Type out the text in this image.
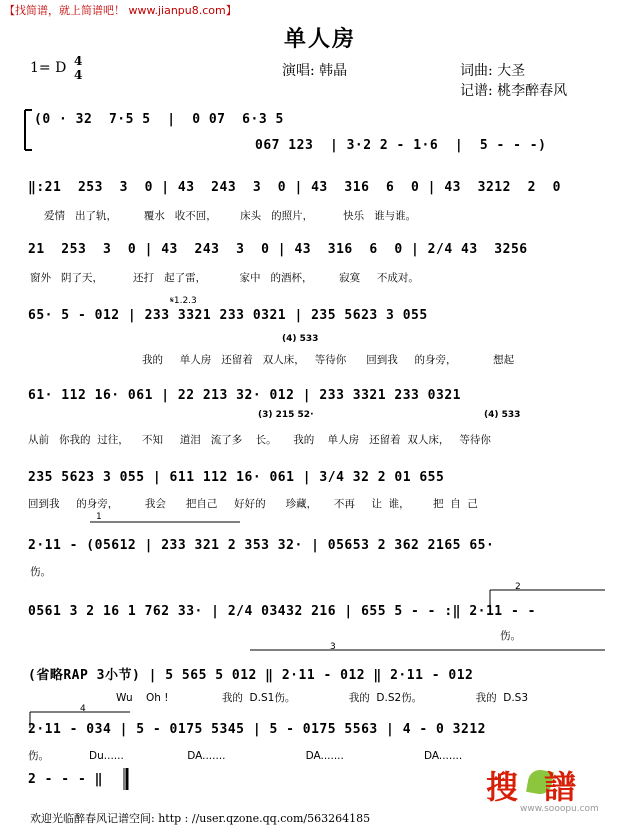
【找简谱，就上简谱吧！ www.jianpu8.com】
单人房
1= D 4
4	演唱: 韩晶	词曲: 大圣
记谱: 桃李醉春风
(0 · 32  7·5 5  |  0 07  6·3 5
067 123  | 3·2 2 - 1·6  |  5 - - -)
‖:21  253  3  0 | 43  243  3  0 | 43  316  6  0 | 43  3212  2  0
爱情   出了轨，        覆水   收不回，       床头   的照片，         快乐   谁与谁。
21  253  3  0 | 43  243  3  0 | 43  316  6  0 | 2/4 43  3256
窗外   阴了天，         还打   起了雷，          家中   的酒杯，        寂寞     不成对。
𝄋1.2.3
65· 5 - 012 | 233 3321 233 0321 | 235 5623 3 055
(4) 533
我的     单人房   还留着   双人床，   等待你      回到我     的身旁，           想起
61· 112 16· 061 | 22 213 32· 012 | 233 3321 233 0321
(3) 215 52·	(4) 533
从前   你我的  过往，    不知     道泪   流了多    长。     我的    单人房   还留着  双人床，   等待你
235 5623 3 055 | 611 112 16· 061 | 3/4 32 2 01 655
回到我     的身旁，        我会      把自己     好好的      珍藏，     不再     让  谁，       把  自  己
1
2·11 - (05612 | 233 321 2 353 32· | 05653 2 362 2165 65·
伤。
2
0561 3 2 16 1 762 33· | 2/4 03432 216 | 655 5 - - :‖ 2·11 - -
伤。
3
(省略RAP 3小节) | 5 565 5 012 ‖ 2·11 - 012 ‖ 2·11 - 012
Wu    Oh !                我的  D.S1伤。                我的  D.S2伤。                我的  D.S3
4
2·11 - 034 | 5 - 0175 5345 | 5 - 0175 5563 | 4 - 0 3212
伤。            Du......                   DA.......                        DA.......                        DA.......
2 - - - ‖
欢迎光临醉春风记谱空间: http : //user.qzone.qq.com/563264185
搜 譜
www.sooopu.com
